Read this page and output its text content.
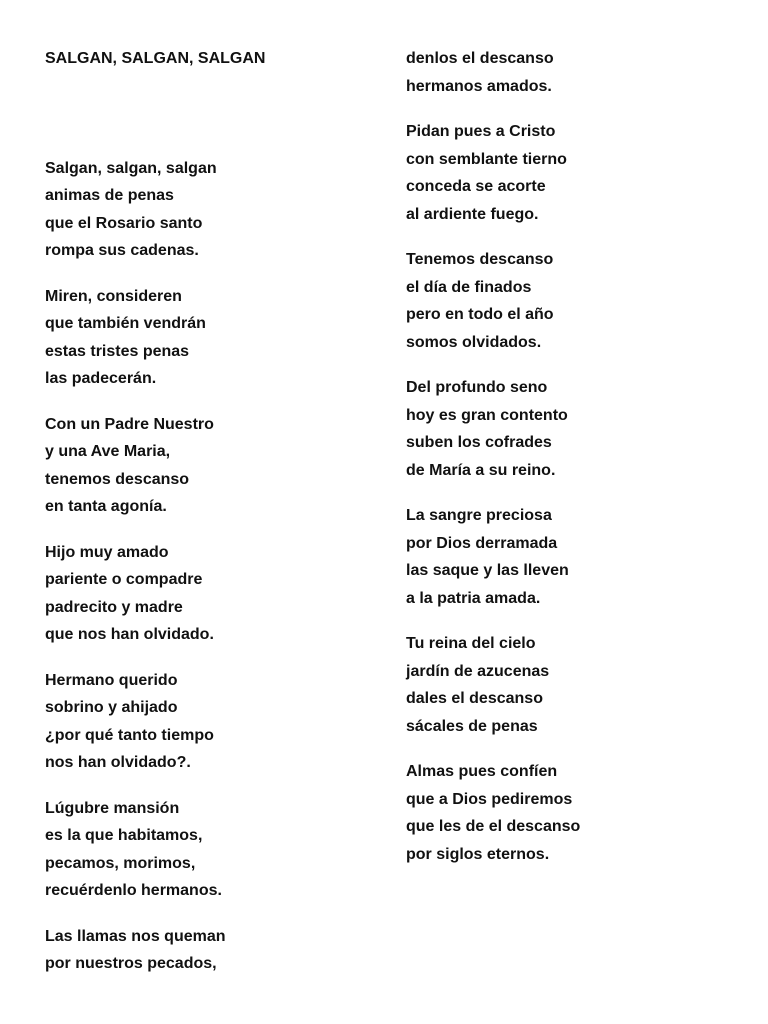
SALGAN, SALGAN, SALGAN
Salgan, salgan, salgan
animas de penas
que el Rosario santo
rompa sus cadenas.
Miren, consideren
que también vendrán
estas tristes penas
las padecerán.
Con un Padre Nuestro
y una Ave Maria,
tenemos descanso
en tanta agonía.
Hijo muy amado
pariente o compadre
padrecito y madre
que nos han olvidado.
Hermano querido
sobrino y ahijado
¿por qué tanto tiempo
nos han olvidado?.
Lúgubre mansión
es la que habitamos,
pecamos, morimos,
recuérdenlo hermanos.
Las llamas nos queman
por nuestros pecados,
denlos el descanso
hermanos amados.
Pidan pues a Cristo
con semblante tierno
conceda se acorte
al ardiente fuego.
Tenemos descanso
el día de finados
pero en todo el año
somos olvidados.
Del profundo seno
hoy es gran contento
suben los cofrades
de María a su reino.
La sangre preciosa
por Dios derramada
las saque y las lleven
a la patria amada.
Tu reina del cielo
jardín de azucenas
dales el descanso
sácales de penas
Almas pues confíen
que a Dios pediremos
que les de el descanso
por siglos eternos.
